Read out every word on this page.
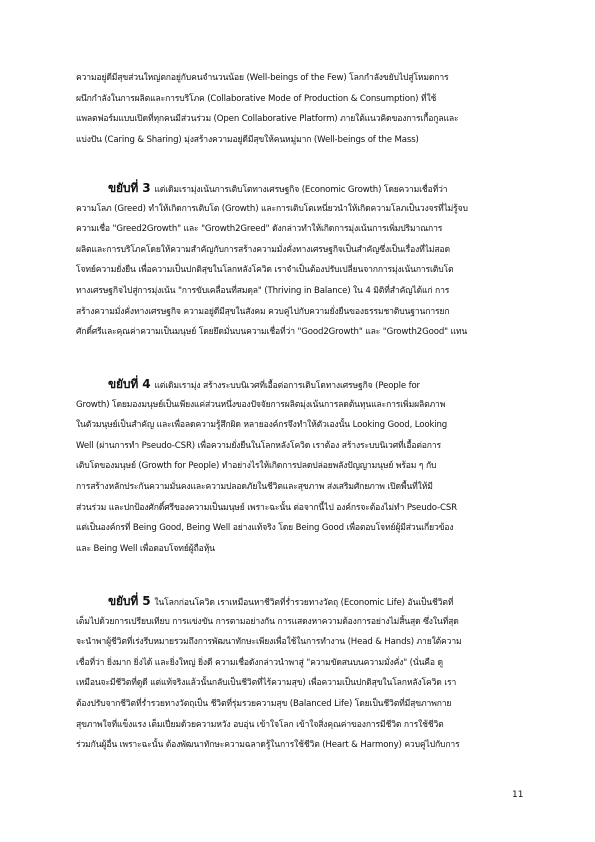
ความอยู่ดีมีสุขส่วนใหญ่ตกอยู่กับคนจำนวนน้อย (Well-beings of the Few) โลกกำลังขยับไปสู่โหมดการ
ผนึกกำลังในการผลิตและการบริโภค (Collaborative Mode of Production & Consumption) ที่ใช้
แพลตฟอร์มแบบเปิดที่ทุกคนมีส่วนร่วม (Open Collaborative Platform) ภายใต้แนวคิดของการเกื้อกูลและ
แบ่งปัน (Caring & Sharing) มุ่งสร้างความอยู่ดีมีสุขให้คนหมู่มาก (Well-beings of the Mass)
ขยับที่ 3 แต่เดิมเรามุ่งเน้นการเติบโตทางเศรษฐกิจ (Economic Growth) โดยความเชื่อที่ว่า
ความโลภ (Greed) ทำให้เกิดการเติบโต (Growth) และการเติบโตเหนี่ยวนำให้เกิดความโลภเป็นวงจรที่ไม่รู้จบ
ความเชื่อ "Greed2Growth" และ "Growth2Greed" ดังกล่าวทำให้เกิดการมุ่งเน้นการเพิ่มปริมาณการ
ผลิตและการบริโภคโดยให้ความสำคัญกับการสร้างความมั่งคั่งทางเศรษฐกิจเป็นสำคัญซึ่งเป็นเรื่องที่ไม่สอด
โจทย์ความยั่งยืน เพื่อความเป็นปกติสุขในโลกหลังโควิด เราจำเป็นต้องปรับเปลี่ยนจากการมุ่งเน้นการเติบโต
ทางเศรษฐกิจไปสู่การมุ่งเน้น "การขับเคลื่อนที่สมดุล" (Thriving in Balance) ใน 4 มิติที่สำคัญได้แก่ การ
สร้างความมั่งคั่งทางเศรษฐกิจ ความอยู่ดีมีสุขในสังคม ควบคู่ไปกับความยั่งยืนของธรรมชาติบนฐานการยก
ศักดิ์ศรีและคุณค่าความเป็นมนุษย์ โดยยึดมั่นบนความเชื่อที่ว่า "Good2Growth" และ "Growth2Good" แทน
ขยับที่ 4 แต่เดิมเรามุ่ง สร้างระบบนิเวศที่เอื้อต่อการเติบโตทางเศรษฐกิจ (People for
Growth) โดยมองมนุษย์เป็นเพียงแค่ส่วนหนึ่งของปัจจัยการผลิตมุ่งเน้นการลดต้นทุนและการเพิ่มผลิตภาพ
ในตัวมนุษย์เป็นสำคัญ และเพื่อลดความรู้สึกผิด หลายองค์กรจึงทำให้ตัวเองนั้น Looking Good, Looking
Well (ผ่านการทำ Pseudo-CSR) เพื่อความยั่งยืนในโลกหลังโควิด เราต้อง สร้างระบบนิเวศที่เอื้อต่อการ
เติบโตของมนุษย์ (Growth for People) ทำอย่างไรให้เกิดการปลดปล่อยพลังปัญญามนุษย์ พร้อม ๆ กับ
การสร้างหลักประกันความมั่นคงและความปลอดภัยในชีวิตและสุขภาพ ส่งเสริมศักยภาพ เปิดพื้นที่ให้มี
ส่วนร่วม และปกป้องศักดิ์ศรีของความเป็นมนุษย์ เพราะฉะนั้น ต่อจากนี้ไป องค์กรจะต้องไม่ทำ Pseudo-CSR
แต่เป็นองค์กรที่ Being Good, Being Well อย่างแท้จริง โดย Being Good เพื่อตอบโจทย์ผู้มีส่วนเกี่ยวข้อง
และ Being Well เพื่อตอบโจทย์ผู้ถือหุ้น
ขยับที่ 5 ในโลกก่อนโควิด เราเหมือนหาชีวิตที่ร่ำรวยทางวัตถุ (Economic Life) อันเป็นชีวิตที่
เต็มไปด้วยการเปรียบเทียบ การแข่งขัน การตามอย่างกัน การแสดงหาความต้องการอย่างไม่สิ้นสุด ซึ่งในที่สุด
จะนำพาผู้ชีวิตที่เร่งรีบหมายรวมถึงการพัฒนาทักษะเพียงเพื่อใช้ในการทำงาน (Head & Hands) ภายใต้ความ
เชื่อที่ว่า ยิ่งมาก ยิ่งได้ และยิ่งใหญ่ ยิ่งดี ความเชื่อดังกล่าวนำพาสู่ "ความขัดสนบนความมั่งคั่ง" (นั่นคือ ดู
เหมือนจะมีชีวิตที่ดูดี แต่แท้จริงแล้วนั้นกลับเป็นชีวิตที่ไร้ความสุข) เพื่อความเป็นปกติสุขในโลกหลังโควิด เรา
ต้องปรับจากชีวิตที่ร่ำรวยทางวัตถุเป็น ชีวิตที่รุ่มรวยความสุข (Balanced Life) โดยเป็นชีวิตที่มีสุขภาพกาย
สุขภาพใจที่แข็งแรง เต็มเปี่ยมด้วยความหวัง อบอุ่น เข้าใจโลก เข้าใจสิ่งคุณค่าของการมีชีวิต การใช้ชีวิต
ร่วมกันผู้อื่น เพราะฉะนั้น ต้องพัฒนาทักษะความฉลาดรู้ในการใช้ชีวิต (Heart & Harmony) ควบคู่ไปกับการ
11
